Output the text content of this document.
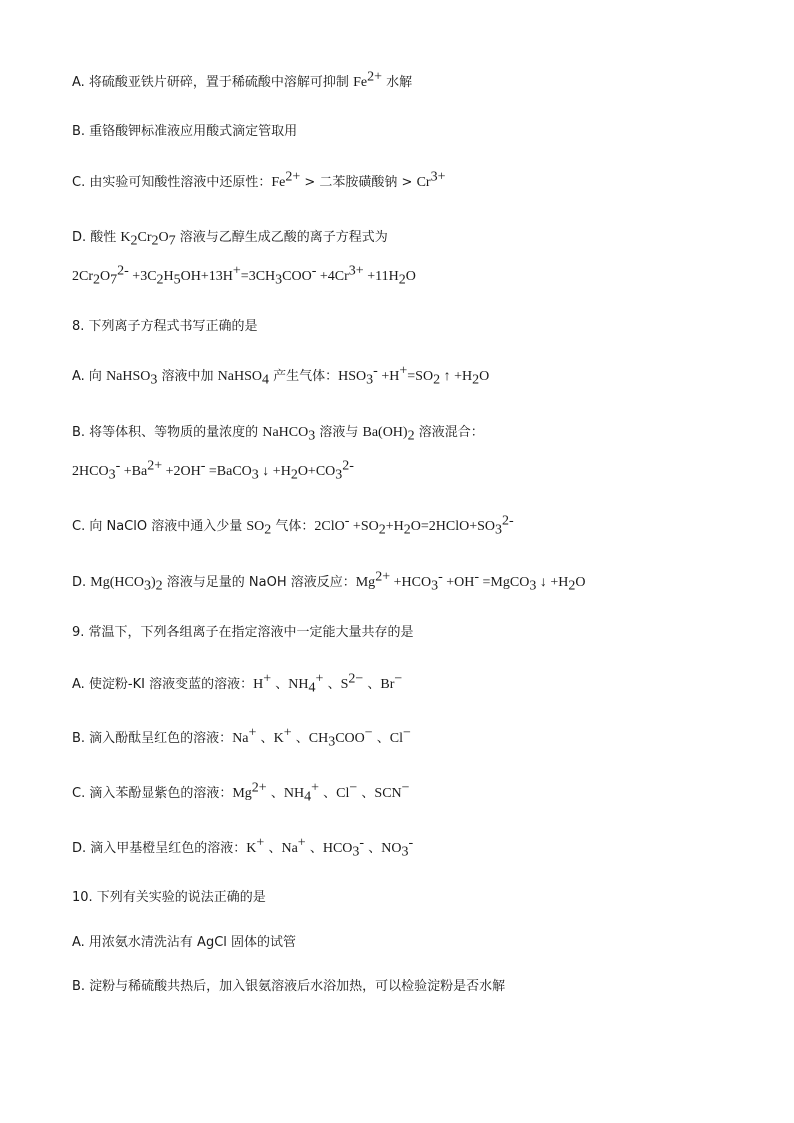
A. 将硫酸亚铁片研碎，置于稀硫酸中溶解可抑制 $Fe^{2+}$ 水解
B. 重铬酸钾标准液应用酸式滴定管取用
C. 由实验可知酸性溶液中还原性：$Fe^{2+}$ > 二苯胺磺酸钠 > $Cr^{3+}$
D. 酸性 $K_2Cr_2O_7$ 溶液与乙醇生成乙酸的离子方程式为
$2Cr_2O_7^{2-} +3C_2H_5OH+13H^+=3CH_3COO^- +4Cr^{3+} +11H_2O$
8. 下列离子方程式书写正确的是
A. 向 NaHSO$_3$ 溶液中加 NaHSO$_4$ 产生气体：$HSO_3^- +H^+=SO_2$ ↑ $+H_2O$
B. 将等体积、等物质的量浓度的 NaHCO$_3$ 溶液与 $Ba(OH)_2$ 溶液混合：
$2HCO_3^- +Ba^{2+} +2OH^-$ =BaCO$_3$ ↓ $+H_2O+CO_3^{2-}$
C. 向 NaClO 溶液中通入少量 $SO_2$ 气体：$2ClO^- +SO_2+H_2O=2HClO+SO_3^{2-}$
D. $Mg(HCO_3)_2$ 溶液与足量的 NaOH 溶液反应：$Mg^{2+} +HCO_3^- +OH^-$ =MgCO$_3$ ↓ $+H_2O$
9. 常温下，下列各组离子在指定溶液中一定能大量共存的是
A. 使淀粉-KI 溶液变蓝的溶液：H+ 、$NH_4^+$ 、$S^{2-}$ 、Br−
B. 滴入酚酞呈红色的溶液：Na+ 、K+ 、$CH_3COO^-$ 、Cl−
C. 滴入苯酚显紫色的溶液：$Mg^{2+}$ 、$NH_4^+$ 、Cl− 、SCN−
D. 滴入甲基橙呈红色的溶液：K+ 、Na+ 、$HCO_3^-$ 、$NO_3^-$
10. 下列有关实验的说法正确的是
A. 用浓氨水清洗沾有 AgCl 固体的试管
B. 淀粉与稀硫酸共热后，加入银氨溶液后水浴加热，可以检验淀粉是否水解
